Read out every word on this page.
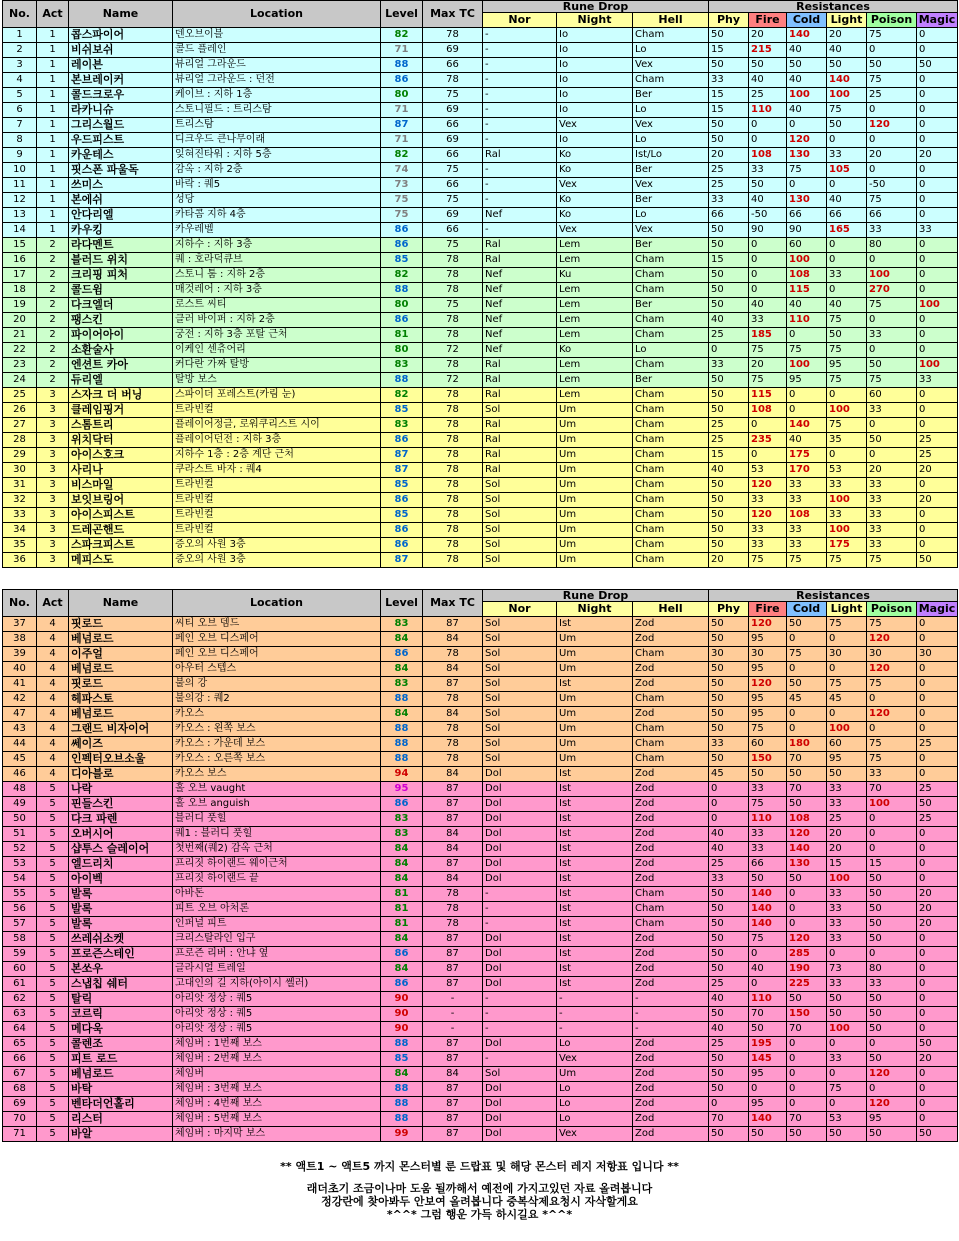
No.	Act	Name	Location	Level	Max TC	Rune Drop			Resistances					
						Nor	Night	Hell	Phy	Fire	Cold	Light	Poison	Magic
1	1	콥스파이어	덴오브이블	82	78	-	Io	Cham	50	20	140	20	75	0
2	1	비쉬보쉬	콜드 플레인	71	69	-	Io	Lo	15	215	40	40	0	0
3	1	레이븐	뷰리얼 그라운드	88	66	-	Io	Vex	50	50	50	50	50	50
4	1	본브레이커	뷰리얼 그라운드 : 던전	86	78	-	Io	Cham	33	40	40	140	75	0
5	1	콜드크로우	케이브 : 지하 1층	80	75	-	Io	Ber	15	25	100	100	25	0
6	1	라카니슈	스토니필드 : 트리스탐	71	69	-	Io	Lo	15	110	40	75	0	0
7	1	그리스월드	트리스탐	87	66	-	Vex	Vex	50	0	0	50	120	0
8	1	우드피스트	디크우드 큰나무이래	71	69	-	Io	Lo	50	0	120	0	0	0
9	1	카운테스	잊혀진타워 : 지하 5층	82	66	Ral	Ko	Ist/Lo	20	108	130	33	20	20
10	1	핏스폰 파울독	감옥 : 지하 2층	74	75	-	Ko	Ber	25	33	75	105	0	0
11	1	쓰미스	바락 : 퀘5	73	66	-	Vex	Vex	25	50	0	0	-50	0
12	1	본에쉬	성당	75	75	-	Ko	Ber	33	40	130	40	75	0
13	1	안다리엘	카타콤 지하 4층	75	69	Nef	Ko	Lo	66	-50	66	66	66	0
14	1	카우킹	카우레벨	86	66	-	Vex	Vex	50	90	90	165	33	33
15	2	라다멘트	지하수 : 지하 3층	86	75	Ral	Lem	Ber	50	0	60	0	80	0
16	2	블러드 위치	퀘 : 호라덕큐브	85	78	Ral	Lem	Cham	15	0	100	0	0	0
17	2	크리핑 피처	스토니 툼 : 지하 2층	82	78	Nef	Ku	Cham	50	0	108	33	100	0
18	2	콜드윔	매것레어 : 지하 3층	88	78	Nef	Lem	Cham	50	0	115	0	270	0
19	2	다크엘더	로스트 씨티	80	75	Nef	Lem	Ber	50	40	40	40	75	100
20	2	팽스킨	클러 바이퍼 : 지하 2층	86	78	Nef	Lem	Cham	40	33	110	75	0	0
21	2	파이어아이	궁전 : 지하 3층 포탈 근처	81	78	Nef	Lem	Cham	25	185	0	50	33	0
22	2	소환술사	이케인 센츄어리	80	72	Nef	Ko	Lo	0	75	75	75	0	0
23	2	엔션트 카아	커다란 가짜 탈방	83	78	Ral	Lem	Cham	33	20	100	95	50	100
24	2	듀리엘	탈방 보스	88	72	Ral	Lem	Ber	50	75	95	75	75	33
25	3	스자크 더 버닝	스파이더 포레스트(카림 눈)	82	78	Ral	Lem	Cham	50	115	0	0	60	0
26	3	클레임핑거	트라빈컬	85	78	Sol	Um	Cham	50	108	0	100	33	0
27	3	스톰트리	플레이어정글, 로워쿠리스트 시이	83	78	Ral	Um	Cham	25	0	140	75	0	0
28	3	위치닥터	플레이어던전 : 지하 3층	86	78	Ral	Um	Cham	25	235	40	35	50	25
29	3	아이스호크	지하수 1층 : 2층 계단 근처	87	78	Ral	Um	Cham	15	0	175	0	0	25
30	3	사리나	쿠라스트 바자 : 퀘4	87	78	Ral	Um	Cham	40	53	170	53	20	20
31	3	비스마일	트라빈컬	85	78	Sol	Um	Cham	50	120	33	33	33	0
32	3	보잇브링어	트라빈컬	86	78	Sol	Um	Cham	50	33	33	100	33	20
33	3	아이스피스트	트라빈컬	85	78	Sol	Um	Cham	50	120	108	33	33	0
34	3	드레곤핸드	트라빈컬	86	78	Sol	Um	Cham	50	33	33	100	33	0
35	3	스파크피스트	증오의 사원 3층	86	78	Sol	Um	Cham	50	33	33	175	33	0
36	3	메피스도	증오의 사원 3층	87	78	Sol	Um	Cham	20	75	75	75	75	50
No.	Act	Name	Location	Level	Max TC	Rune Drop			Resistances					
						Nor	Night	Hell	Phy	Fire	Cold	Light	Poison	Magic
37	4	핏로드	씨티 오브 뎀드	83	87	Sol	Ist	Zod	50	120	50	75	75	0
38	4	베넘로드	페인 오브 디스페어	84	84	Sol	Um	Zod	50	95	0	0	120	0
39	4	이주얼	페인 오브 디스페어	86	78	Sol	Um	Cham	30	30	75	30	30	30
40	4	베넘로드	아우터 스텝스	84	84	Sol	Um	Zod	50	95	0	0	120	0
41	4	핏로드	불의 강	83	87	Sol	Ist	Zod	50	120	50	75	75	0
42	4	헤파스토	불의강 : 퀘2	88	78	Sol	Um	Cham	50	95	45	45	0	0
47	4	베넘로드	카오스	84	84	Sol	Um	Zod	50	95	0	0	120	0
43	4	그랜드 비자이어	카오스 : 왼쪽 보스	88	78	Sol	Um	Cham	50	75	0	100	0	0
44	4	쎄이즈	카오스 : 가운데 보스	88	78	Sol	Um	Cham	33	60	180	60	75	25
45	4	인펙터오브소울	카오스 : 오른쪽 보스	88	78	Sol	Um	Cham	50	150	70	95	75	0
46	4	디아블로	카오스 보스	94	84	Dol	Ist	Zod	45	50	50	50	33	0
48	5	나락	홀 오브 vaught	95	87	Dol	Ist	Zod	0	33	70	33	70	25
49	5	핀들스킨	홀 오브 anguish	86	87	Dol	Ist	Zod	0	75	50	33	100	50
50	5	다크 파렌	블러디 풋힐	83	87	Dol	Ist	Zod	0	110	108	25	0	25
51	5	오버시어	퀘1 : 블러디 풋힐	83	84	Dol	Ist	Zod	40	33	120	20	0	0
52	5	샵투스 슬레이어	첫번째(퀘2) 감옥 근처	84	84	Dol	Ist	Zod	40	33	140	20	0	0
53	5	엘드리치	프리짓 하이랜드 웨이근처	84	87	Dol	Ist	Zod	25	66	130	15	15	0
54	5	아이벡	프리짓 하이랜드 끝	84	84	Dol	Ist	Zod	33	50	50	100	50	0
55	5	발록	아바돈	81	78	-	Ist	Cham	50	140	0	33	50	20
56	5	발록	피트 오브 아처론	81	78	-	Ist	Cham	50	140	0	33	50	20
57	5	발록	인퍼널 피트	81	78	-	Ist	Cham	50	140	0	33	50	20
58	5	쓰레쉬소켓	크리스탈라인 입구	84	87	Dol	Ist	Zod	50	75	120	33	50	0
59	5	프로즌스테인	프로즌 리버 : 안냐 옆	86	87	Dol	Ist	Zod	50	0	285	0	0	0
60	5	본쏘우	글라시얼 트레일	84	87	Dol	Ist	Zod	50	40	190	73	80	0
61	5	스냅칩 쉐터	고대인의 길 지하(아이시 쎌러)	86	87	Dol	Ist	Zod	25	0	225	33	33	0
62	5	탈릭	아리앗 정상 : 퀘5	90	-	-	-	-	40	110	50	50	50	0
63	5	코르릭	아리앗 정상 : 퀘5	90	-	-	-	-	50	70	150	50	50	0
64	5	메다욱	아리앗 정상 : 퀘5	90	-	-	-	-	40	50	70	100	50	0
65	5	콜렌조	체임버 : 1번째 보스	88	87	Dol	Lo	Zod	25	195	0	0	0	50
66	5	피트 로드	체임버 : 2번째 보스	85	87	-	Vex	Zod	50	145	0	33	50	20
67	5	베넘로드	체임버	84	84	Sol	Um	Zod	50	95	0	0	120	0
68	5	바탁	체임버 : 3번째 보스	88	87	Dol	Lo	Zod	50	0	0	75	0	0
69	5	벤타더언홀리	체임버 : 4번째 보스	88	87	Dol	Lo	Zod	0	95	0	0	120	0
70	5	리스터	체임버 : 5번째 보스	88	87	Dol	Lo	Zod	70	140	70	53	95	0
71	5	바알	체임버 : 마지막 보스	99	87	Dol	Vex	Zod	50	50	50	50	50	50
** 액트1 ~ 액트5 까지 몬스터별 룬 드랍표 및 해당 몬스터 레지 저항표 입니다 **
래더초기 조금이나마 도움 될까해서 예전에 가지고있던 자료 올려봅니다
정강란에 찾아봐두 안보여 올려봅니다 중복삭제요청시 자삭할게요
*^^* 그럼 행운 가득 하시길요 *^^*
